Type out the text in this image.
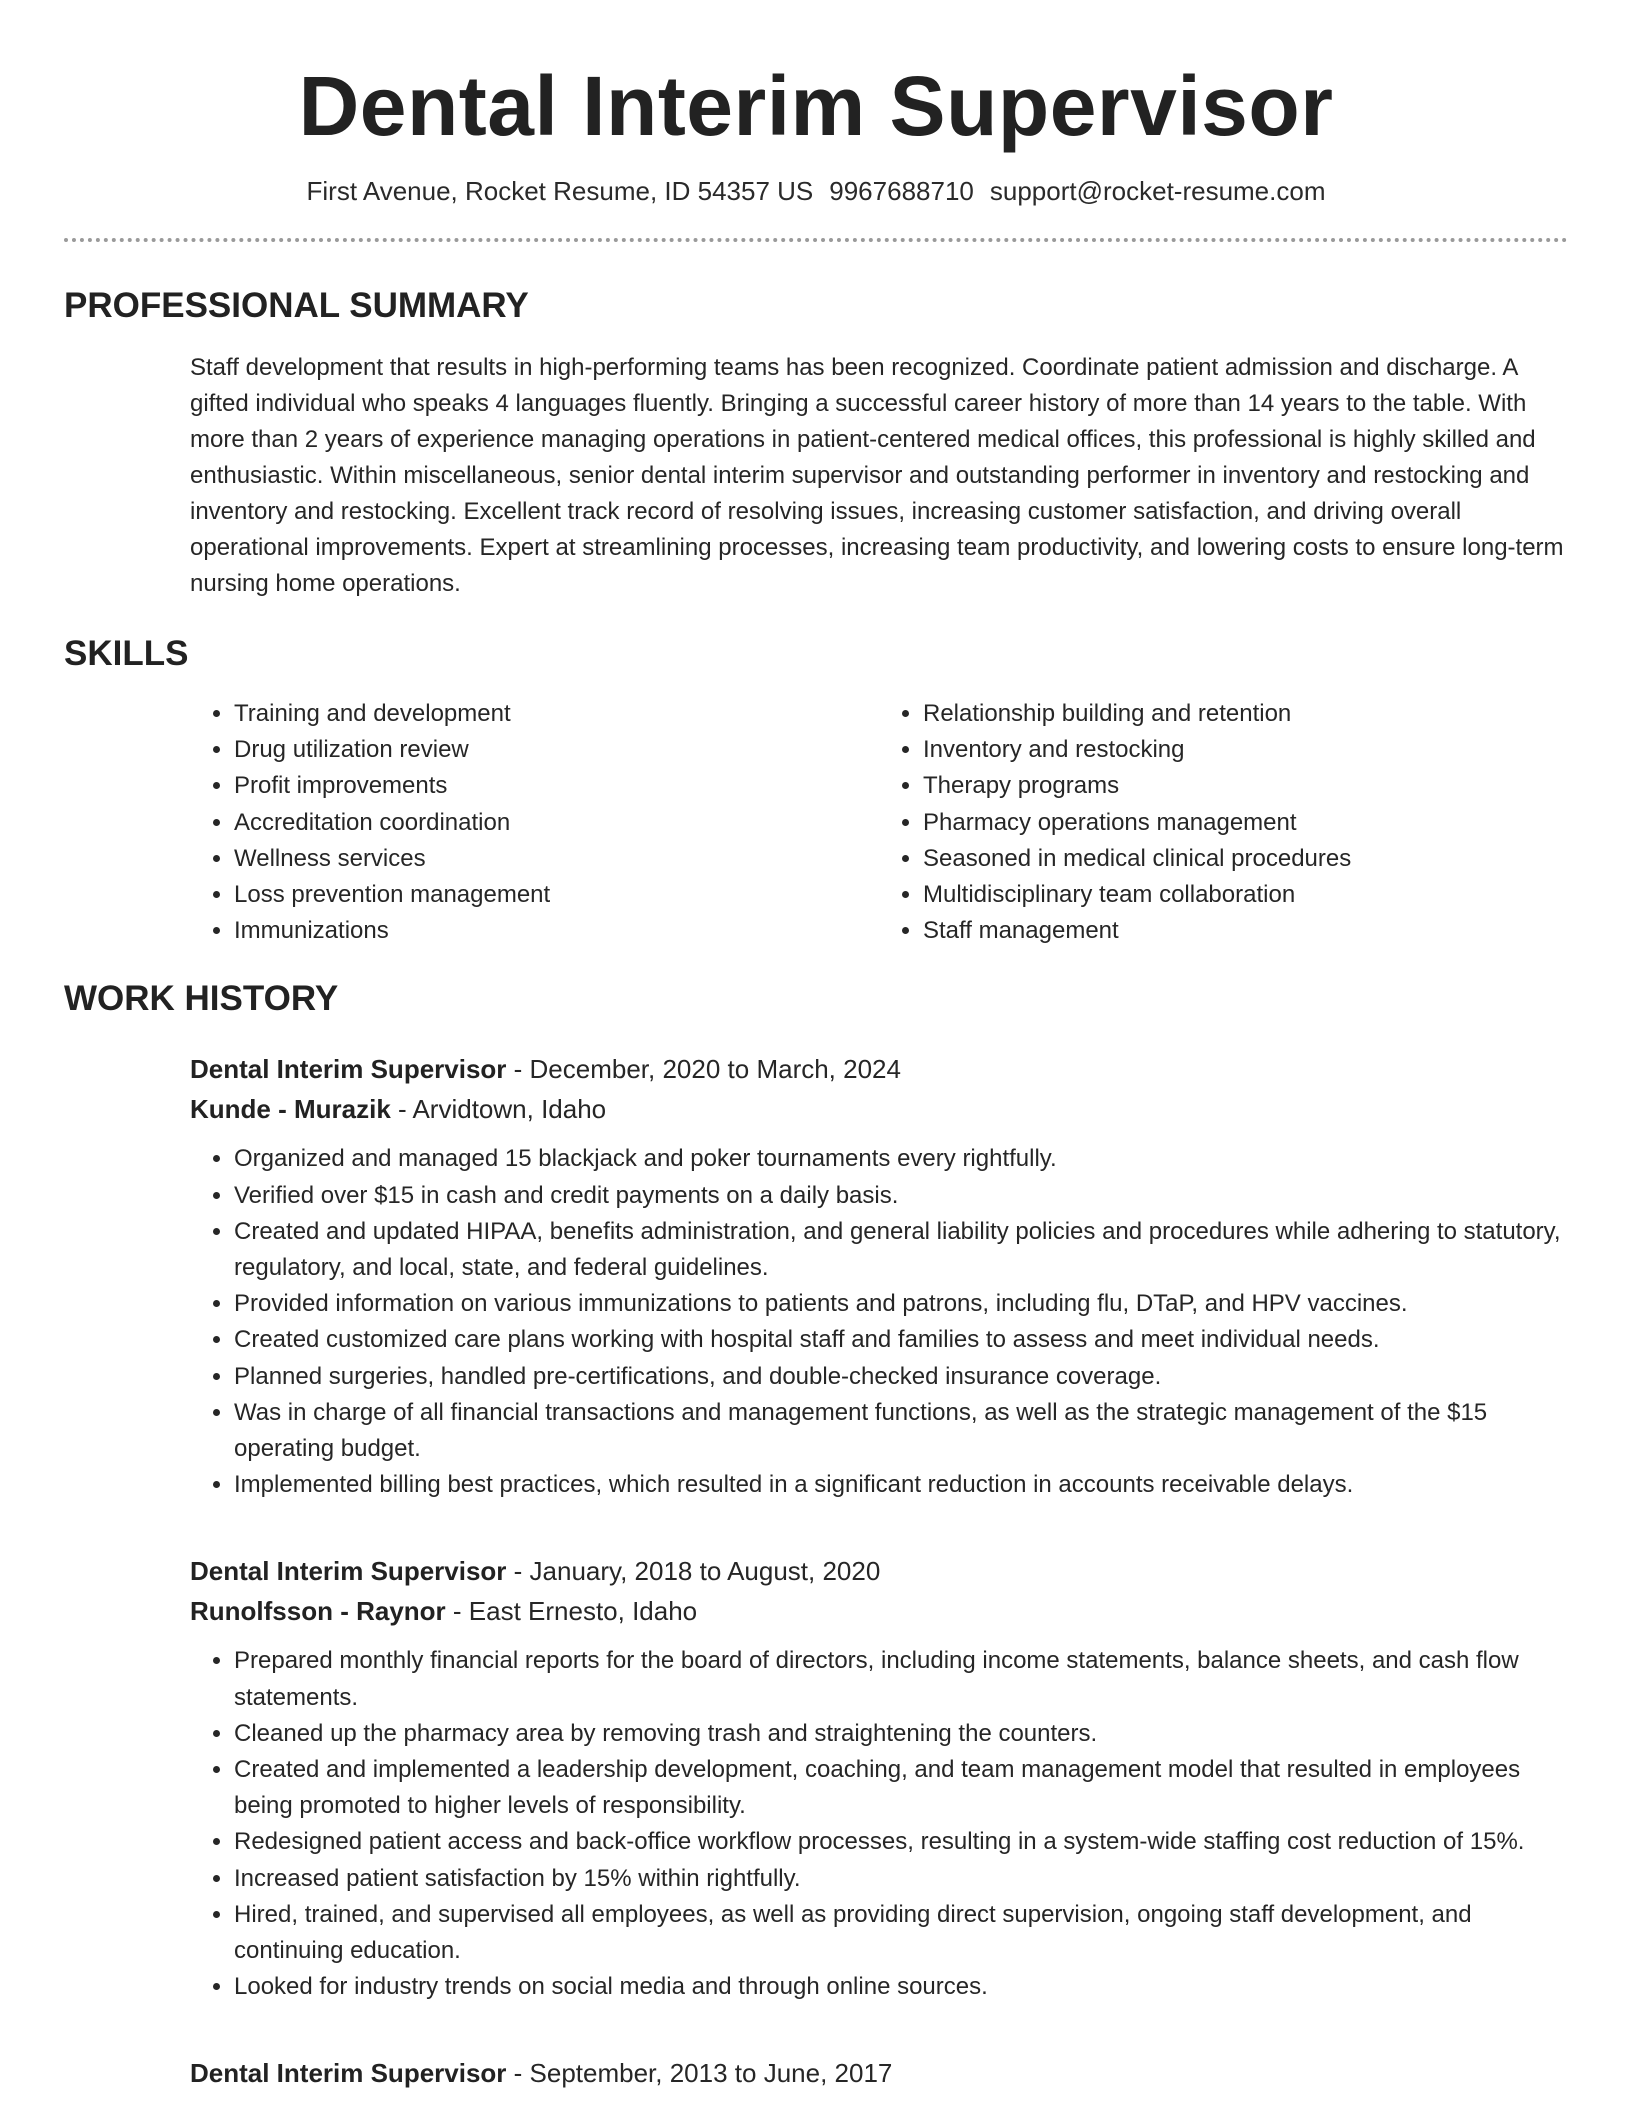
Dental Interim Supervisor
First Avenue, Rocket Resume, ID 54357 US 9967688710 support@rocket-resume.com
PROFESSIONAL SUMMARY
Staff development that results in high-performing teams has been recognized. Coordinate patient admission and discharge. A gifted individual who speaks 4 languages fluently. Bringing a successful career history of more than 14 years to the table. With more than 2 years of experience managing operations in patient-centered medical offices, this professional is highly skilled and enthusiastic. Within miscellaneous, senior dental interim supervisor and outstanding performer in inventory and restocking and inventory and restocking. Excellent track record of resolving issues, increasing customer satisfaction, and driving overall operational improvements. Expert at streamlining processes, increasing team productivity, and lowering costs to ensure long-term nursing home operations.
SKILLS
• Training and development
• Drug utilization review
• Profit improvements
• Accreditation coordination
• Wellness services
• Loss prevention management
• Immunizations
• Relationship building and retention
• Inventory and restocking
• Therapy programs
• Pharmacy operations management
• Seasoned in medical clinical procedures
• Multidisciplinary team collaboration
• Staff management
WORK HISTORY
Dental Interim Supervisor - December, 2020 to March, 2024
Kunde - Murazik - Arvidtown, Idaho
• Organized and managed 15 blackjack and poker tournaments every rightfully.
• Verified over $15 in cash and credit payments on a daily basis.
• Created and updated HIPAA, benefits administration, and general liability policies and procedures while adhering to statutory, regulatory, and local, state, and federal guidelines.
• Provided information on various immunizations to patients and patrons, including flu, DTaP, and HPV vaccines.
• Created customized care plans working with hospital staff and families to assess and meet individual needs.
• Planned surgeries, handled pre-certifications, and double-checked insurance coverage.
• Was in charge of all financial transactions and management functions, as well as the strategic management of the $15 operating budget.
• Implemented billing best practices, which resulted in a significant reduction in accounts receivable delays.
Dental Interim Supervisor - January, 2018 to August, 2020
Runolfsson - Raynor - East Ernesto, Idaho
• Prepared monthly financial reports for the board of directors, including income statements, balance sheets, and cash flow statements.
• Cleaned up the pharmacy area by removing trash and straightening the counters.
• Created and implemented a leadership development, coaching, and team management model that resulted in employees being promoted to higher levels of responsibility.
• Redesigned patient access and back-office workflow processes, resulting in a system-wide staffing cost reduction of 15%.
• Increased patient satisfaction by 15% within rightfully.
• Hired, trained, and supervised all employees, as well as providing direct supervision, ongoing staff development, and continuing education.
• Looked for industry trends on social media and through online sources.
Dental Interim Supervisor - September, 2013 to June, 2017
